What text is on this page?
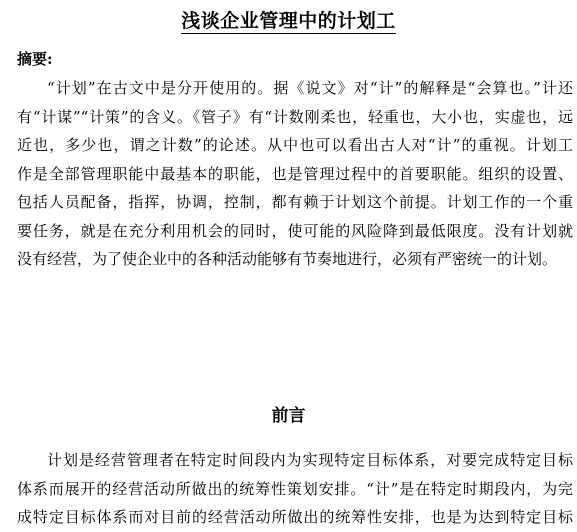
浅谈企业管理中的计划工
摘要:
“计划”在古文中是分开使用的。据《说文》对“计”的解释是“会算也。”计还
有“计谋”“计策”的含义。《管子》有“计数刚柔也，轻重也，大小也，实虚也，远
近也，多少也，谓之计数”的论述。从中也可以看出古人对“计”的重视。计划工
作是全部管理职能中最基本的职能，也是管理过程中的首要职能。组织的设置、
包括人员配备，指挥，协调，控制，都有赖于计划这个前提。计划工作的一个重
要任务，就是在充分利用机会的同时，使可能的风险降到最低限度。没有计划就
没有经营，为了使企业中的各种活动能够有节奏地进行，必须有严密统一的计划。
前言
计划是经营管理者在特定时间段内为实现特定目标体系，对要完成特定目标
体系而展开的经营活动所做出的统筹性策划安排。“计”是在特定时期段内，为完
成特定目标体系而对目前的经营活动所做出的统筹性安排，也是为达到特定目标
